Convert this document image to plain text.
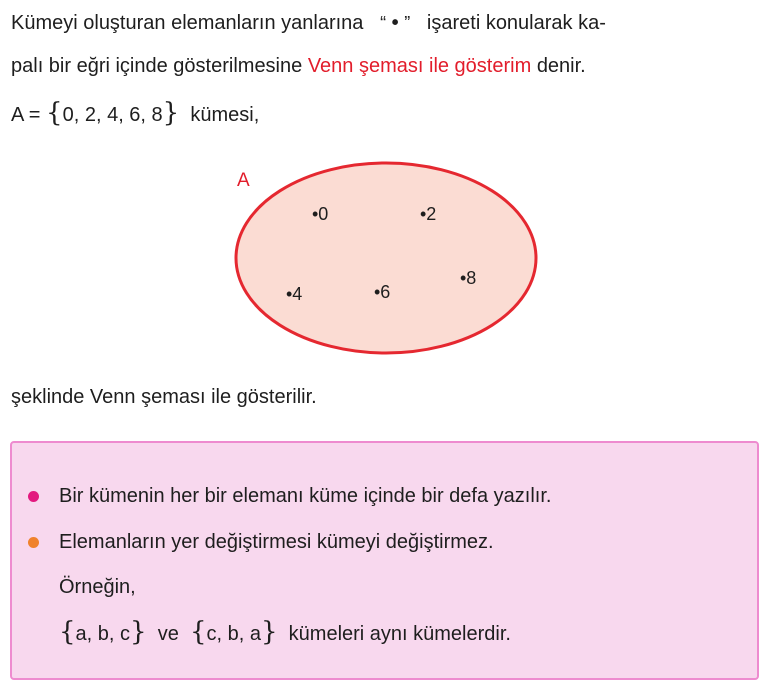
Kümeyi oluşturan elemanların yanlarına “ • ” işareti konularak ka-
palı bir eğri içinde gösterilmesine Venn şeması ile gösterim denir.
A = {0, 2, 4, 6, 8} kümesi,
A
•0	•2
•4	•6
•8
şeklinde Venn şeması ile gösterilir.
Bir kümenin her bir elemanı küme içinde bir defa yazılır.
Elemanların yer değiştirmesi kümeyi değiştirmez.
Örneğin,
{a, b, c} ve {c, b, a} kümeleri aynı kümelerdir.
